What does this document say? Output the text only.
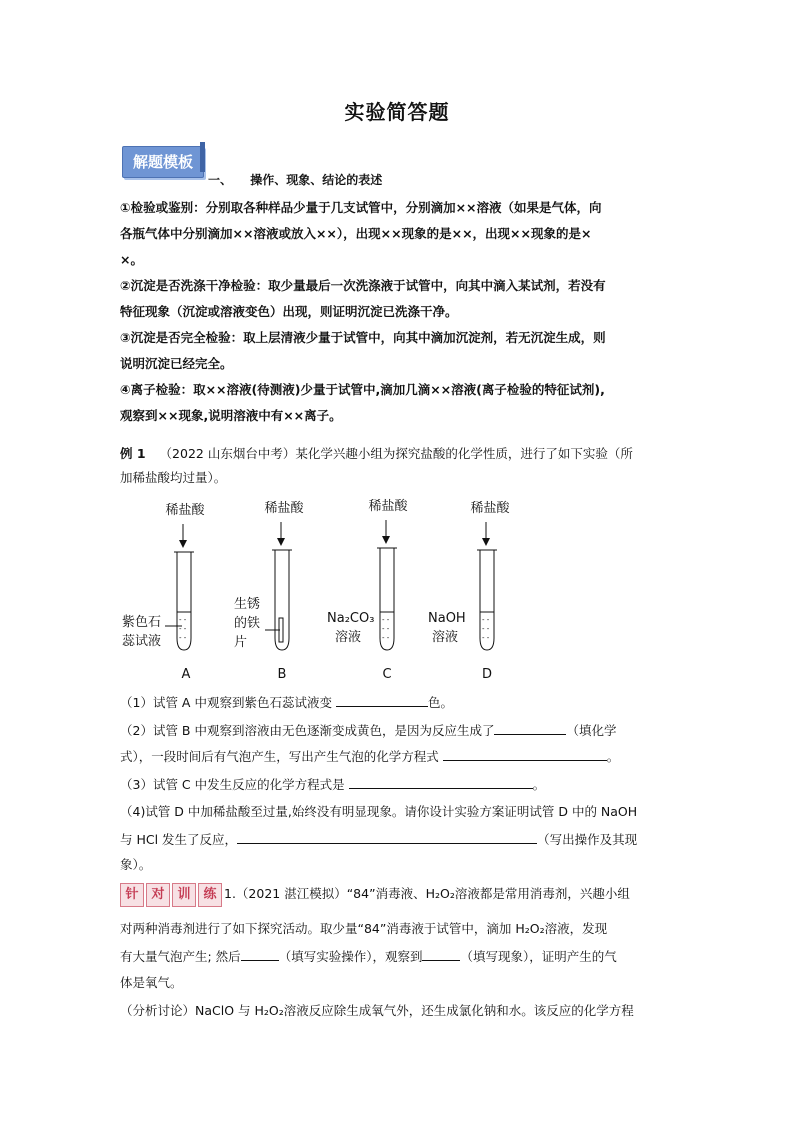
实验简答题
解题模板
一、 操作、现象、结论的表述
①检验或鉴别：分别取各种样品少量于几支试管中，分别滴加××溶液（如果是气体，向
各瓶气体中分别滴加××溶液或放入××），出现××现象的是××，出现××现象的是×
×。
②沉淀是否洗涤干净检验：取少量最后一次洗涤液于试管中，向其中滴入某试剂，若没有
特征现象（沉淀或溶液变色）出现，则证明沉淀已洗涤干净。
③沉淀是否完全检验：取上层清液少量于试管中，向其中滴加沉淀剂，若无沉淀生成，则
说明沉淀已经完全。
④离子检验：取××溶液(待测液)少量于试管中,滴加几滴××溶液(离子检验的特征试剂),
观察到××现象,说明溶液中有××离子。
例 1 （2022 山东烟台中考）某化学兴趣小组为探究盐酸的化学性质，进行了如下实验（所
加稀盐酸均过量）。
稀盐酸
- -
- -
- -
紫色石
蕊试液
A
稀盐酸
生锈
的铁
片
B
稀盐酸
- -
- -
- -
Na₂CO₃
溶液
C
稀盐酸
- -
- -
- -
NaOH
溶液
D
（1）试管 A 中观察到紫色石蕊试液变	色。
（2）试管 B 中观察到溶液由无色逐渐变成黄色，是因为反应生成了	（填化学
式），一段时间后有气泡产生，写出产生气泡的化学方程式	。
（3）试管 C 中发生反应的化学方程式是	。
（4)试管 D 中加稀盐酸至过量,始终没有明显现象。请你设计实验方案证明试管 D 中的 NaOH
与 HCl 发生了反应，	（写出操作及其现
象）。
针 对 训 练 1.（2021 湛江模拟）“84”消毒液、H₂O₂溶液都是常用消毒剂，兴趣小组
对两种消毒剂进行了如下探究活动。取少量“84”消毒液于试管中，滴加 H₂O₂溶液，发现
有大量气泡产生; 然后	（填写实验操作），观察到	（填写现象），证明产生的气
体是氧气。
（分析讨论）NaClO 与 H₂O₂溶液反应除生成氧气外，还生成氯化钠和水。该反应的化学方程
